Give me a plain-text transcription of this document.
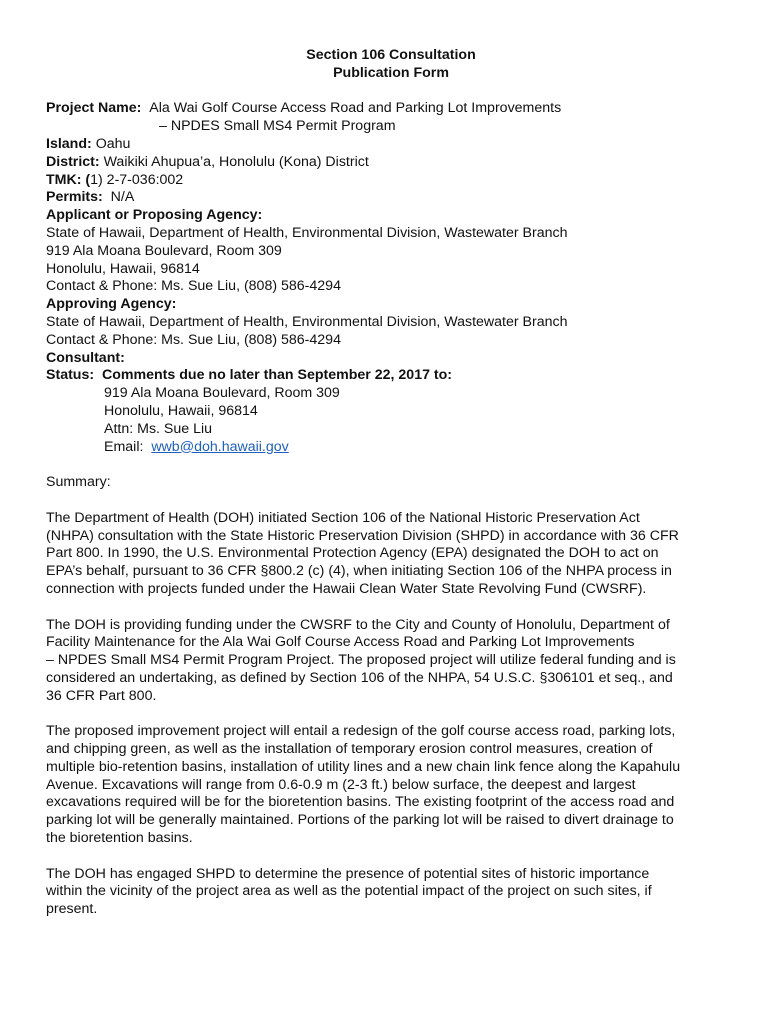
Section 106 Consultation
Publication Form
Project Name: Ala Wai Golf Course Access Road and Parking Lot Improvements
– NPDES Small MS4 Permit Program
Island: Oahu
District: Waikiki Ahupua’a, Honolulu (Kona) District
TMK: (1) 2-7-036:002
Permits: N/A
Applicant or Proposing Agency:
State of Hawaii, Department of Health, Environmental Division, Wastewater Branch
919 Ala Moana Boulevard, Room 309
Honolulu, Hawaii, 96814
Contact & Phone: Ms. Sue Liu, (808) 586-4294
Approving Agency:
State of Hawaii, Department of Health, Environmental Division, Wastewater Branch
Contact & Phone: Ms. Sue Liu, (808) 586-4294
Consultant:
Status: Comments due no later than September 22, 2017 to:
919 Ala Moana Boulevard, Room 309
Honolulu, Hawaii, 96814
Attn: Ms. Sue Liu
Email: wwb@doh.hawaii.gov
Summary:
The Department of Health (DOH) initiated Section 106 of the National Historic Preservation Act
(NHPA) consultation with the State Historic Preservation Division (SHPD) in accordance with 36 CFR
Part 800. In 1990, the U.S. Environmental Protection Agency (EPA) designated the DOH to act on
EPA’s behalf, pursuant to 36 CFR §800.2 (c) (4), when initiating Section 106 of the NHPA process in
connection with projects funded under the Hawaii Clean Water State Revolving Fund (CWSRF).
The DOH is providing funding under the CWSRF to the City and County of Honolulu, Department of
Facility Maintenance for the Ala Wai Golf Course Access Road and Parking Lot Improvements
– NPDES Small MS4 Permit Program Project. The proposed project will utilize federal funding and is
considered an undertaking, as defined by Section 106 of the NHPA, 54 U.S.C. §306101 et seq., and
36 CFR Part 800.
The proposed improvement project will entail a redesign of the golf course access road, parking lots,
and chipping green, as well as the installation of temporary erosion control measures, creation of
multiple bio-retention basins, installation of utility lines and a new chain link fence along the Kapahulu
Avenue. Excavations will range from 0.6-0.9 m (2-3 ft.) below surface, the deepest and largest
excavations required will be for the bioretention basins. The existing footprint of the access road and
parking lot will be generally maintained. Portions of the parking lot will be raised to divert drainage to
the bioretention basins.
The DOH has engaged SHPD to determine the presence of potential sites of historic importance
within the vicinity of the project area as well as the potential impact of the project on such sites, if
present.
